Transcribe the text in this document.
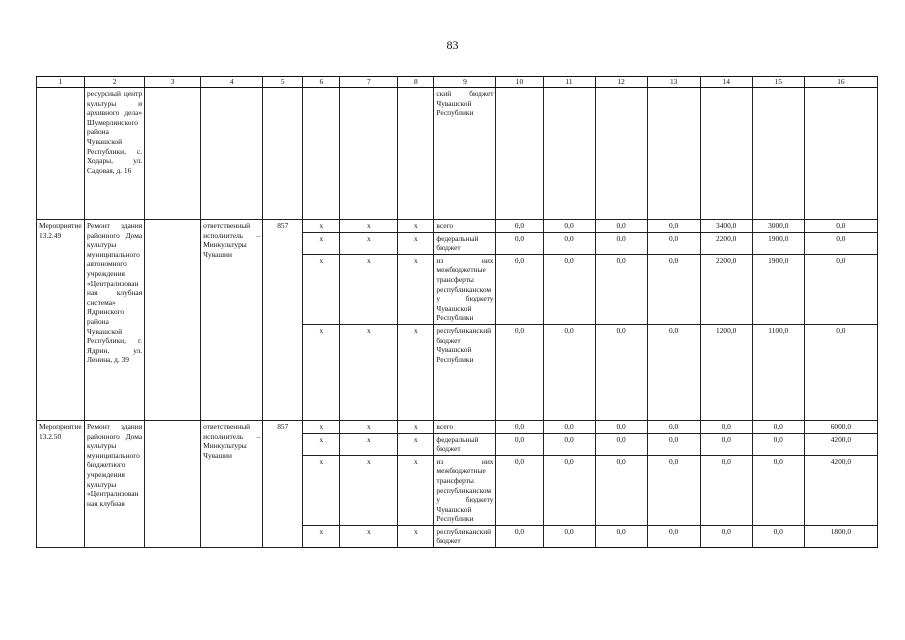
83
1	2	3	4	5	6	7	8	9	10	11	12	13	14	15	16
	ресурсный центр культуры и архивного дела» Шумерлинского района Чувашской Республики, с. Ходары, ул. Садовая, д. 16							ский бюджет Чувашской Республики							
Мероприятие 13.2.49	Ремонт здания районного Дома культуры муниципального автономного учреждения «Централизованная клубная система» Ядринского района Чувашской Республики, г. Ядрин, ул. Ленина, д. 39		ответственный исполнитель – Минкультуры Чувашии	857	x	x	x	всего	0,0	0,0	0,0	0,0	3400,0	3000,0	0,0
					x	x	x	федеральный бюджет	0,0	0,0	0,0	0,0	2200,0	1900,0	0,0
					x	x	x	из них межбюджетные трансферты республиканскому бюджету Чувашской Республики	0,0	0,0	0,0	0,0	2200,0	1900,0	0,0
					x	x	x	республиканский бюджет Чувашской Республики	0,0	0,0	0,0	0,0	1200,0	1100,0	0,0
Мероприятие 13.2.50	Ремонт здания районного Дома культуры муниципального бюджетного учреждения культуры «Централизованная клубная		ответственный исполнитель – Минкультуры Чувашии	857	x	x	x	всего	0,0	0,0	0,0	0,0	0,0	0,0	6000,0
					x	x	x	федеральный бюджет	0,0	0,0	0,0	0,0	0,0	0,0	4200,0
					x	x	x	из них межбюджетные трансферты республиканскому бюджету Чувашской Республики	0,0	0,0	0,0	0,0	0,0	0,0	4200,0
					x	x	x	республиканский бюджет	0,0	0,0	0,0	0,0	0,0	0,0	1800,0
